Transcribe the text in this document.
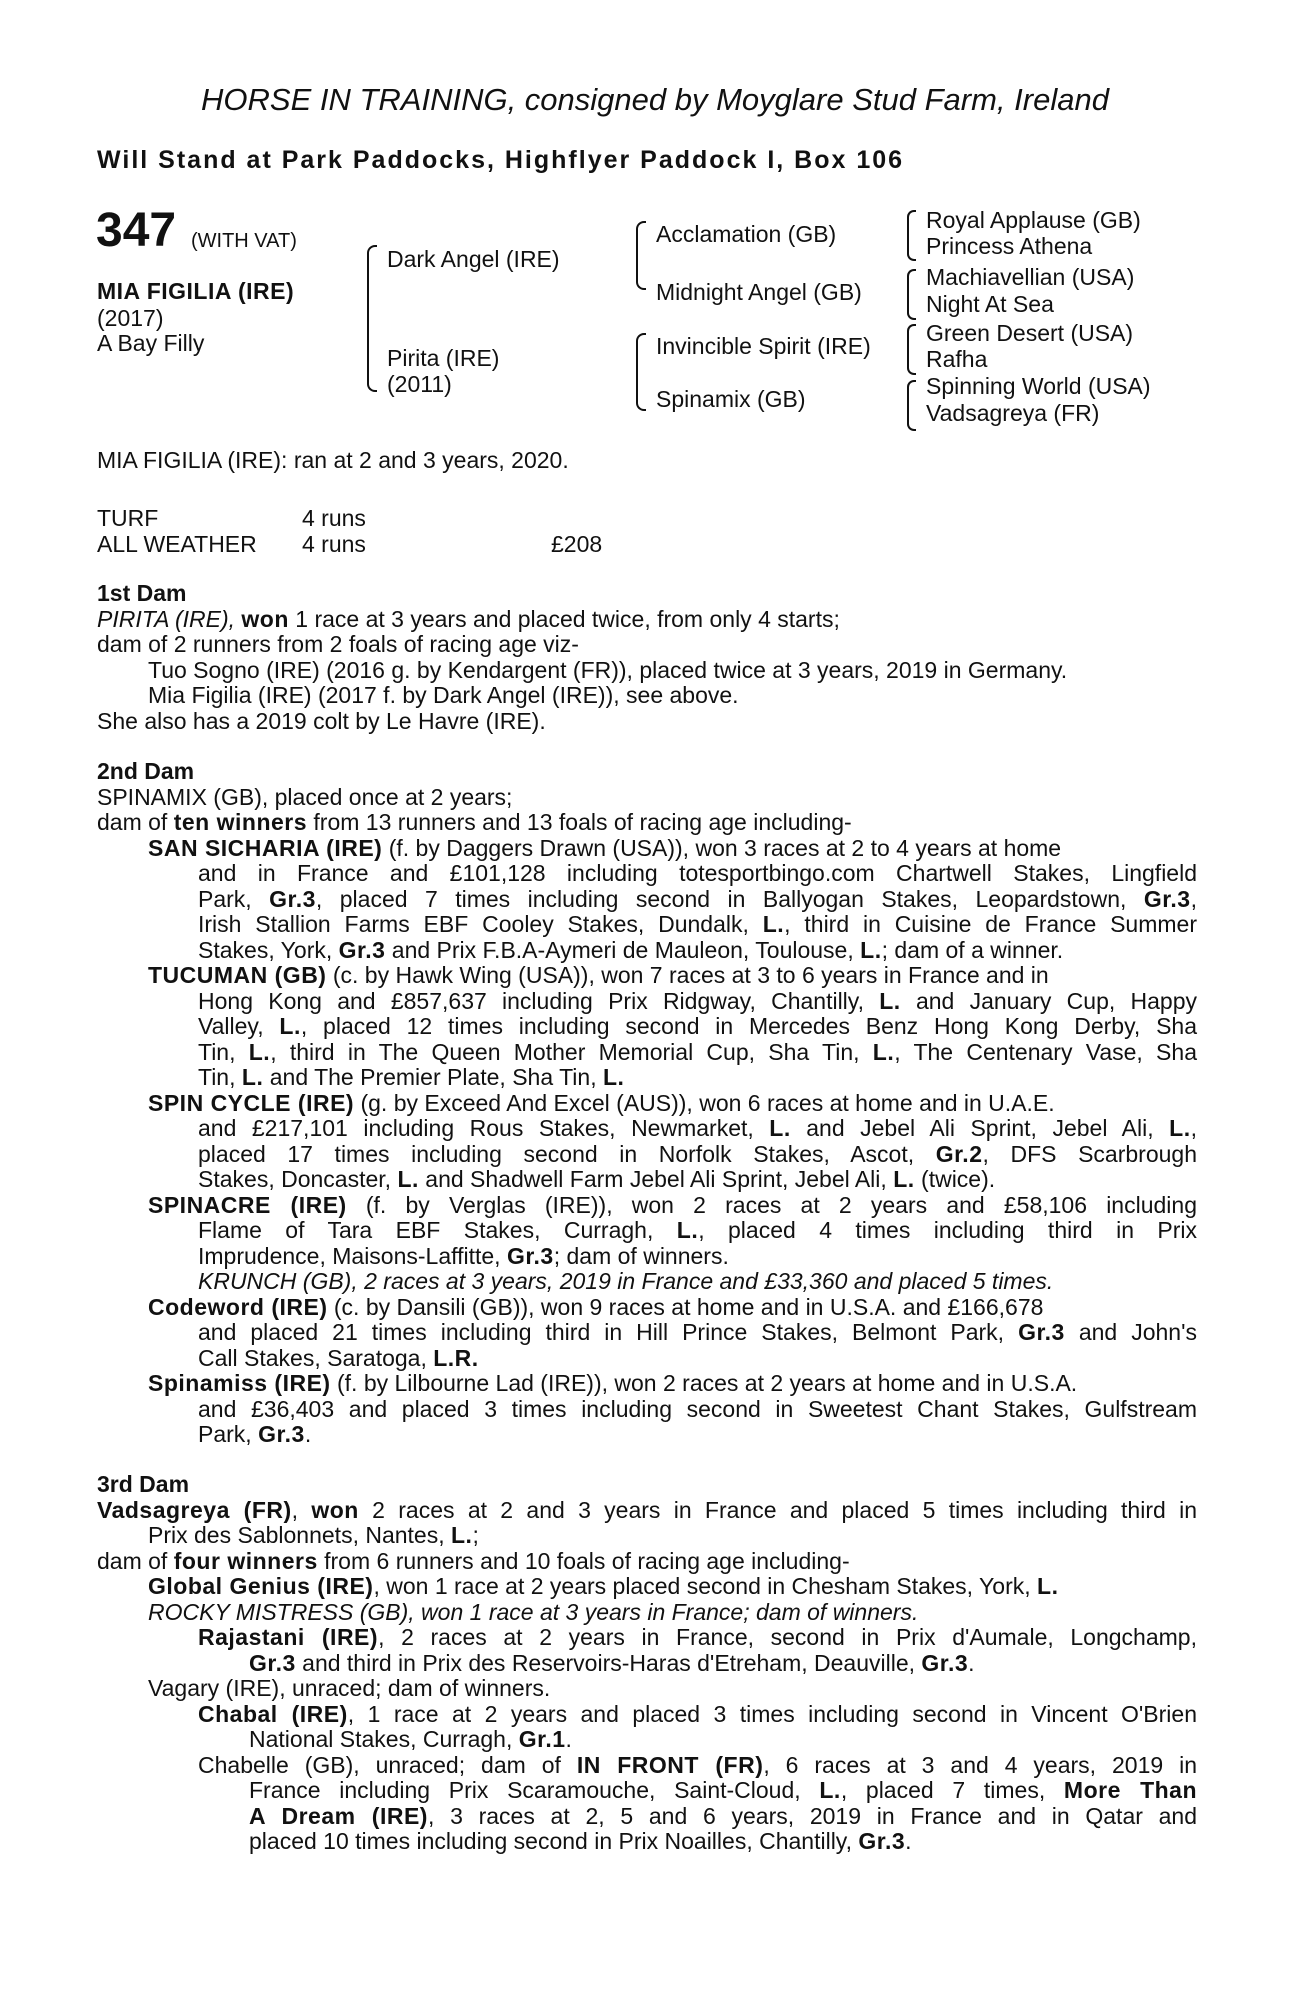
HORSE IN TRAINING, consigned by Moyglare Stud Farm, Ireland
Will Stand at Park Paddocks, Highflyer Paddock I, Box 106
347 (WITH VAT)
MIA FIGILIA (IRE)
(2017)
A Bay Filly
Dark Angel (IRE)
Pirita (IRE)
(2011)
Acclamation (GB)
Midnight Angel (GB)
Invincible Spirit (IRE)
Spinamix (GB)
Royal Applause (GB)
Princess Athena
Machiavellian (USA)
Night At Sea
Green Desert (USA)
Rafha
Spinning World (USA)
Vadsagreya (FR)
MIA FIGILIA (IRE): ran at 2 and 3 years, 2020.
TURF	4 runs
ALL WEATHER 4 runs	£208
1st Dam
PIRITA (IRE), won 1 race at 3 years and placed twice, from only 4 starts;
dam of 2 runners from 2 foals of racing age viz-
Tuo Sogno (IRE) (2016 g. by Kendargent (FR)), placed twice at 3 years, 2019 in Germany.
Mia Figilia (IRE) (2017 f. by Dark Angel (IRE)), see above.
She also has a 2019 colt by Le Havre (IRE).
2nd Dam
SPINAMIX (GB), placed once at 2 years;
dam of ten winners from 13 runners and 13 foals of racing age including-
SAN SICHARIA (IRE) (f. by Daggers Drawn (USA)), won 3 races at 2 to 4 years at home
and in France and £101,128 including totesportbingo.com Chartwell Stakes, Lingfield
Park, Gr.3, placed 7 times including second in Ballyogan Stakes, Leopardstown, Gr.3,
Irish Stallion Farms EBF Cooley Stakes, Dundalk, L., third in Cuisine de France Summer
Stakes, York, Gr.3 and Prix F.B.A-Aymeri de Mauleon, Toulouse, L.; dam of a winner.
TUCUMAN (GB) (c. by Hawk Wing (USA)), won 7 races at 3 to 6 years in France and in
Hong Kong and £857,637 including Prix Ridgway, Chantilly, L. and January Cup, Happy
Valley, L., placed 12 times including second in Mercedes Benz Hong Kong Derby, Sha
Tin, L., third in The Queen Mother Memorial Cup, Sha Tin, L., The Centenary Vase, Sha
Tin, L. and The Premier Plate, Sha Tin, L.
SPIN CYCLE (IRE) (g. by Exceed And Excel (AUS)), won 6 races at home and in U.A.E.
and £217,101 including Rous Stakes, Newmarket, L. and Jebel Ali Sprint, Jebel Ali, L.,
placed 17 times including second in Norfolk Stakes, Ascot, Gr.2, DFS Scarbrough
Stakes, Doncaster, L. and Shadwell Farm Jebel Ali Sprint, Jebel Ali, L. (twice).
SPINACRE (IRE) (f. by Verglas (IRE)), won 2 races at 2 years and £58,106 including
Flame of Tara EBF Stakes, Curragh, L., placed 4 times including third in Prix
Imprudence, Maisons-Laffitte, Gr.3; dam of winners.
KRUNCH (GB), 2 races at 3 years, 2019 in France and £33,360 and placed 5 times.
Codeword (IRE) (c. by Dansili (GB)), won 9 races at home and in U.S.A. and £166,678
and placed 21 times including third in Hill Prince Stakes, Belmont Park, Gr.3 and John's
Call Stakes, Saratoga, L.R.
Spinamiss (IRE) (f. by Lilbourne Lad (IRE)), won 2 races at 2 years at home and in U.S.A.
and £36,403 and placed 3 times including second in Sweetest Chant Stakes, Gulfstream
Park, Gr.3.
3rd Dam
Vadsagreya (FR), won 2 races at 2 and 3 years in France and placed 5 times including third in
Prix des Sablonnets, Nantes, L.;
dam of four winners from 6 runners and 10 foals of racing age including-
Global Genius (IRE), won 1 race at 2 years placed second in Chesham Stakes, York, L.
ROCKY MISTRESS (GB), won 1 race at 3 years in France; dam of winners.
Rajastani (IRE), 2 races at 2 years in France, second in Prix d'Aumale, Longchamp,
Gr.3 and third in Prix des Reservoirs-Haras d'Etreham, Deauville, Gr.3.
Vagary (IRE), unraced; dam of winners.
Chabal (IRE), 1 race at 2 years and placed 3 times including second in Vincent O'Brien
National Stakes, Curragh, Gr.1.
Chabelle (GB), unraced; dam of IN FRONT (FR), 6 races at 3 and 4 years, 2019 in
France including Prix Scaramouche, Saint-Cloud, L., placed 7 times, More Than
A Dream (IRE), 3 races at 2, 5 and 6 years, 2019 in France and in Qatar and
placed 10 times including second in Prix Noailles, Chantilly, Gr.3.
